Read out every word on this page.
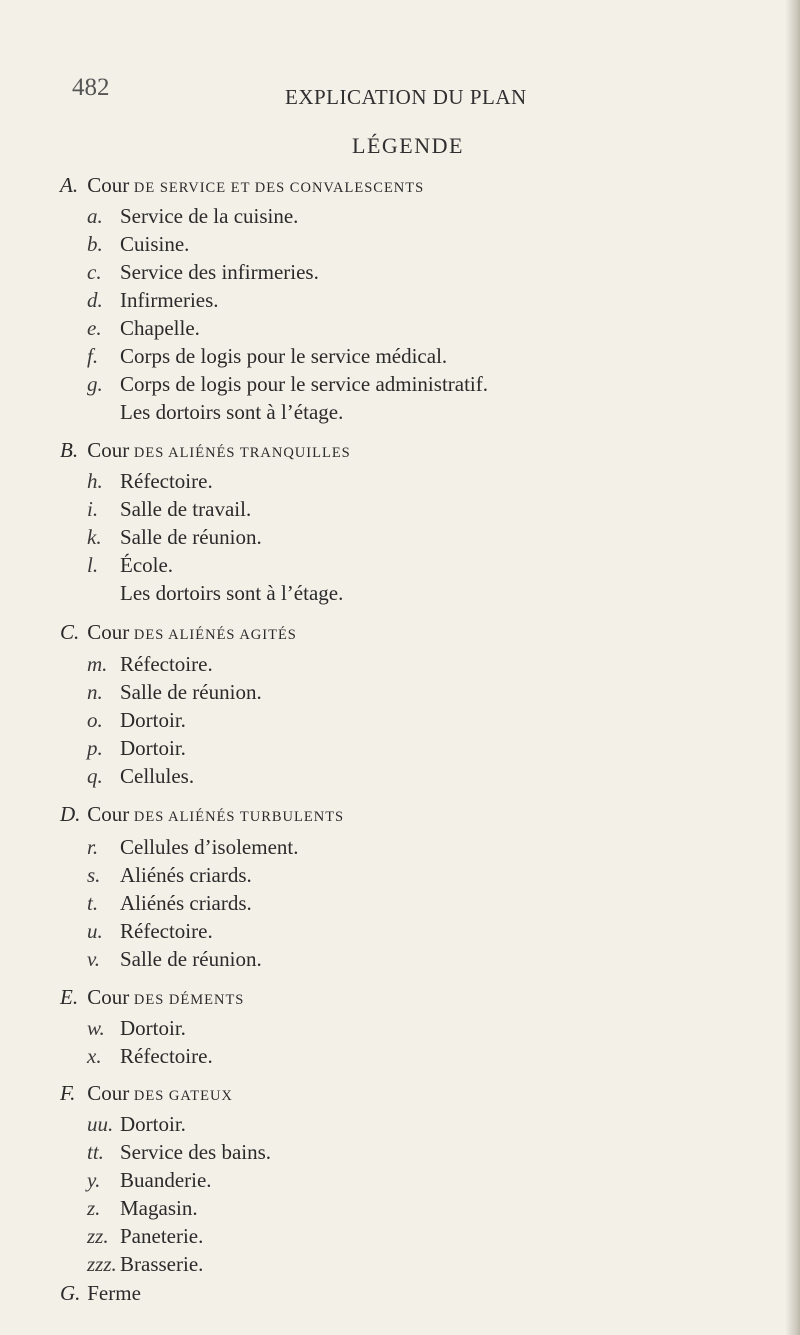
482	EXPLICATION DU PLAN
LÉGENDE
A. Cour DE SERVICE ET DES CONVALESCENTS
a. Service de la cuisine.
b. Cuisine.
c. Service des infirmeries.
d. Infirmeries.
e. Chapelle.
f. Corps de logis pour le service médical.
g. Corps de logis pour le service administratif.
Les dortoirs sont à l’étage.
B. Cour DES ALIÉNÉS TRANQUILLES
h. Réfectoire.
i. Salle de travail.
k. Salle de réunion.
l. École.
Les dortoirs sont à l’étage.
C. Cour DES ALIÉNÉS AGITÉS
m. Réfectoire.
n. Salle de réunion.
o. Dortoir.
p. Dortoir.
q. Cellules.
D. Cour DES ALIÉNÉS TURBULENTS
r. Cellules d’isolement.
s. Aliénés criards.
t. Aliénés criards.
u. Réfectoire.
v. Salle de réunion.
E. Cour DES DÉMENTS
w. Dortoir.
x. Réfectoire.
F. Cour DES GATEUX
uu. Dortoir.
tt. Service des bains.
y. Buanderie.
z. Magasin.
zz. Paneterie.
zzz. Brasserie.
G. Ferme
